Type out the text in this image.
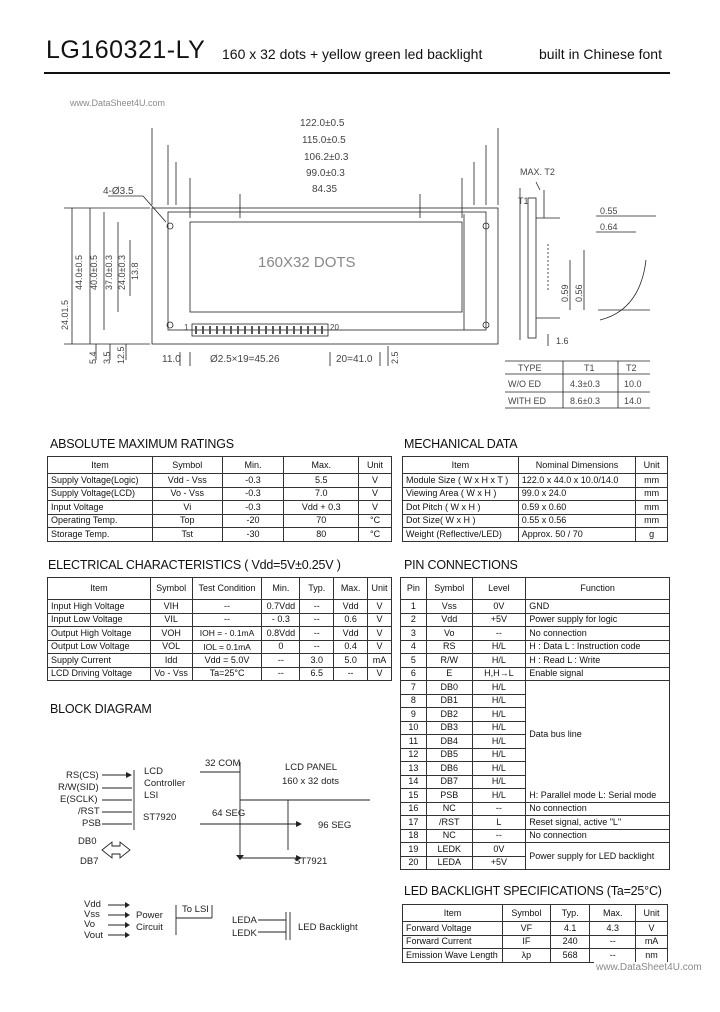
LG160321-LY 160 x 32 dots + yellow green led backlight	built in Chinese font
www.DataSheet4U.com
122.0±0.5
115.0±0.5
106.2±0.3
99.0±0.3
84.35
4-Ø3.5
160X32 DOTS
11.0	Ø2.5×19=45.26	20=41.0
1	20
P2.54×19=48.26
24.01.5
44.0±0.5 40.0±0.5 37.0±0.3 24.0±0.3 13.8
5.4 3.5 12.5	2.5
MAX. T2
T1
0.55
0.64
0.59 0.56
1.6
TYPE	T1	T2
W/O ED	4.3±0.3	10.0
WITH ED	8.6±0.3	14.0
ABSOLUTE MAXIMUM RATINGS
Item	Symbol	Min.	Max.	Unit
Supply Voltage(Logic)	Vdd - Vss	-0.3	5.5	V
Supply Voltage(LCD)	Vo - Vss	-0.3	7.0	V
Input Voltage	Vi	-0.3	Vdd + 0.3	V
Operating Temp.	Top	-20	70	°C
Storage Temp.	Tst	-30	80	°C
MECHANICAL DATA
Item	Nominal Dimensions	Unit
Module Size ( W x H x T )	122.0 x 44.0 x 10.0/14.0	mm
Viewing Area ( W x H )	99.0 x 24.0	mm
Dot Pitch ( W x H )	0.59 x 0.60	mm
Dot Size( W x H )	0.55 x 0.56	mm
Weight (Reflective/LED)	Approx. 50 / 70	g
ELECTRICAL CHARACTERISTICS ( Vdd=5V±0.25V )
Item	Symbol	Test Condition	Min.	Typ.	Max.	Unit
Input High Voltage	VIH	--	0.7Vdd	--	Vdd	V
Input Low Voltage	VIL	--	- 0.3	--	0.6	V
Output High Voltage	VOH	IOH = - 0.1mA	0.8Vdd	--	Vdd	V
Output Low Voltage	VOL	IOL = 0.1mA	0	--	0.4	V
Supply Current	Idd	Vdd = 5.0V	--	3.0	5.0	mA
LCD Driving Voltage	Vo - Vss	Ta=25°C	--	6.5	--	V
PIN CONNECTIONS
Pin	Symbol	Level	Function
1	Vss	0V	GND
2	Vdd	+5V	Power supply for logic
3	Vo	--	No connection
4	RS	H/L	H : Data L : Instruction code
5	R/W	H/L	H : Read L : Write
6	E	H,H→L	Enable signal
7	DB0	H/L	Data bus line
8	DB1	H/L	
9	DB2	H/L	
10	DB3	H/L	
11	DB4	H/L	
12	DB5	H/L	
13	DB6	H/L	
14	DB7	H/L	
15	PSB	H/L	H: Parallel mode L: Serial mode
16	NC	--	No connection
17	/RST	L	Reset signal, active "L"
18	NC	--	No connection
19	LEDK	0V	Power supply for LED backlight
20	LEDA	+5V	
BLOCK DIAGRAM
RS(CS)
R/W(SID)
E(SCLK)
/RST
PSB
DB0
DB7
LCD
Controller
LSI
ST7920
32 COM	LCD PANEL
160 x 32 dots
64 SEG
96 SEG
ST7921
Vdd
Vss
Vo
Vout
Power
Circuit
To LSI
LEDA
LEDK
LED Backlight
LED BACKLIGHT SPECIFICATIONS (Ta=25°C)
Item	Symbol	Typ.	Max.	Unit
Forward Voltage	VF	4.1	4.3	V
Forward Current	IF	240	--	mA
Emission Wave Length	λp	568	--	nm
www.DataSheet4U.com
